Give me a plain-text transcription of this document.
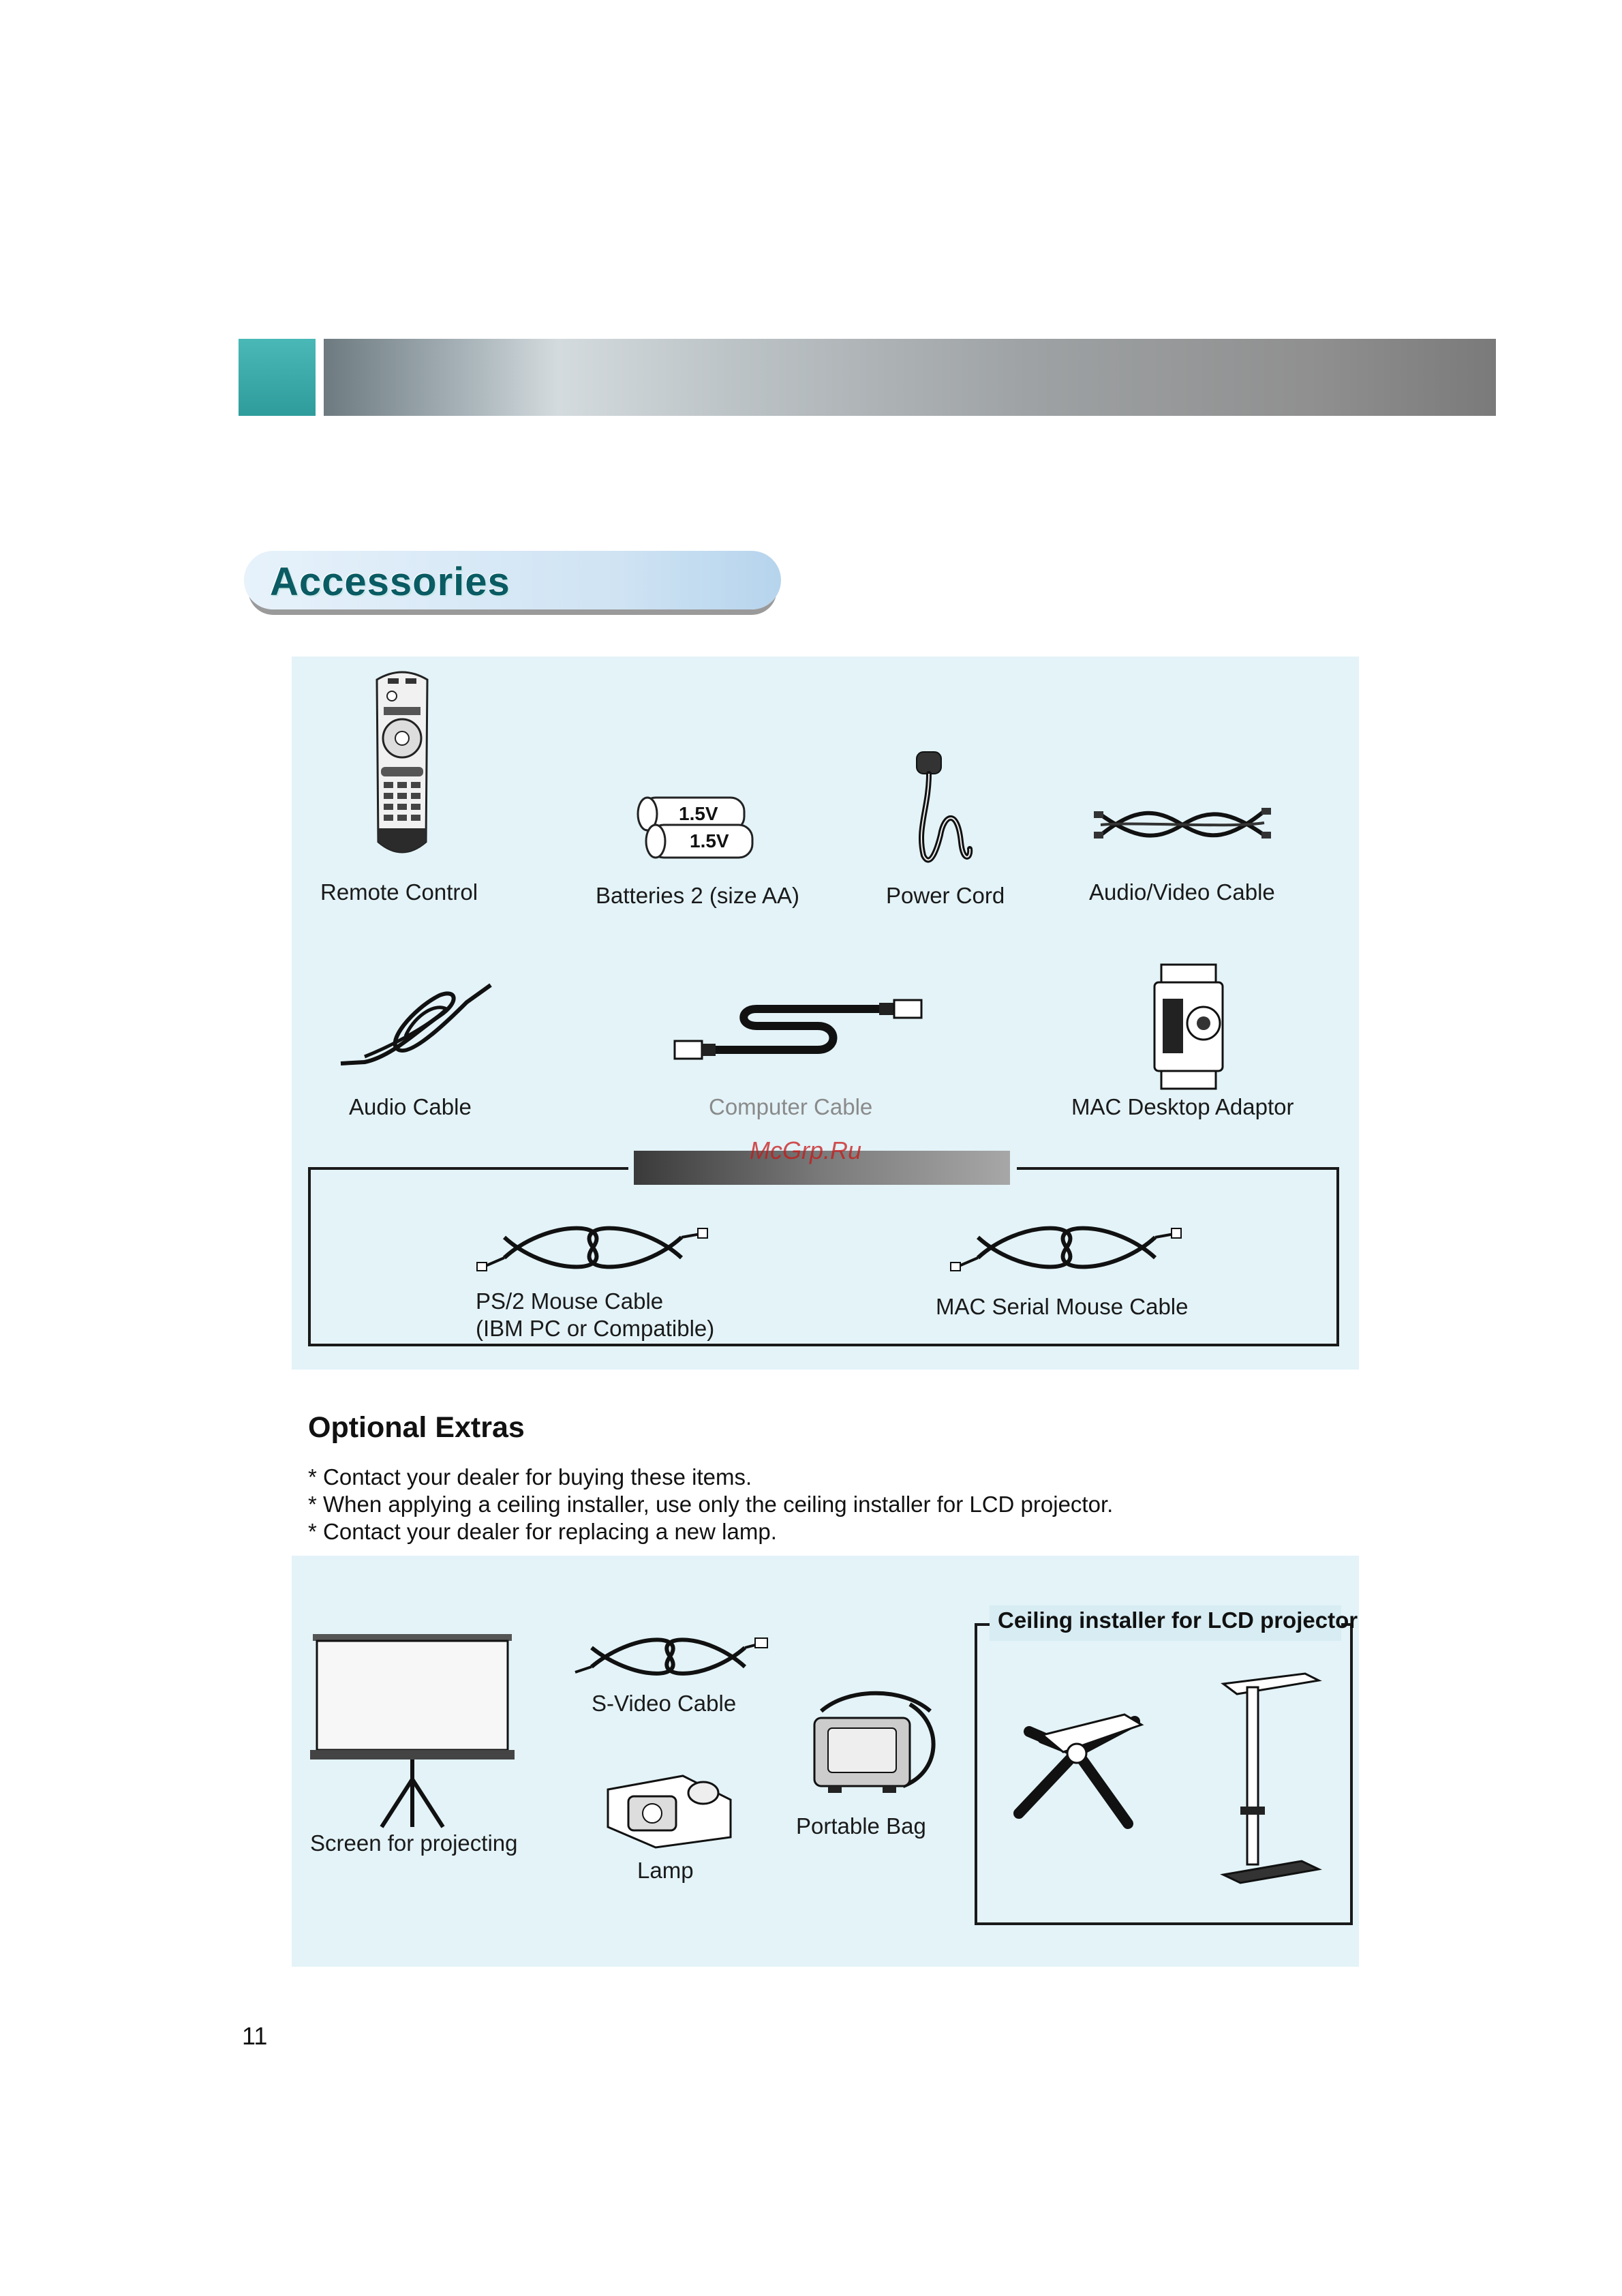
Accessories
Remote Control
1.5V
1.5V
Batteries 2 (size AA)	Power Cord	Audio/Video Cable
Audio Cable	Computer Cable	MAC Desktop Adaptor
McGrp.Ru
PS/2 Mouse Cable
(IBM PC or Compatible)
MAC Serial Mouse Cable
Optional Extras
* Contact your dealer for buying these items.
* When applying a ceiling installer, use only the ceiling installer for LCD projector.
* Contact your dealer for replacing a new lamp.
Screen for projecting
S-Video Cable
Lamp
Portable Bag
Ceiling installer for LCD projector
11
